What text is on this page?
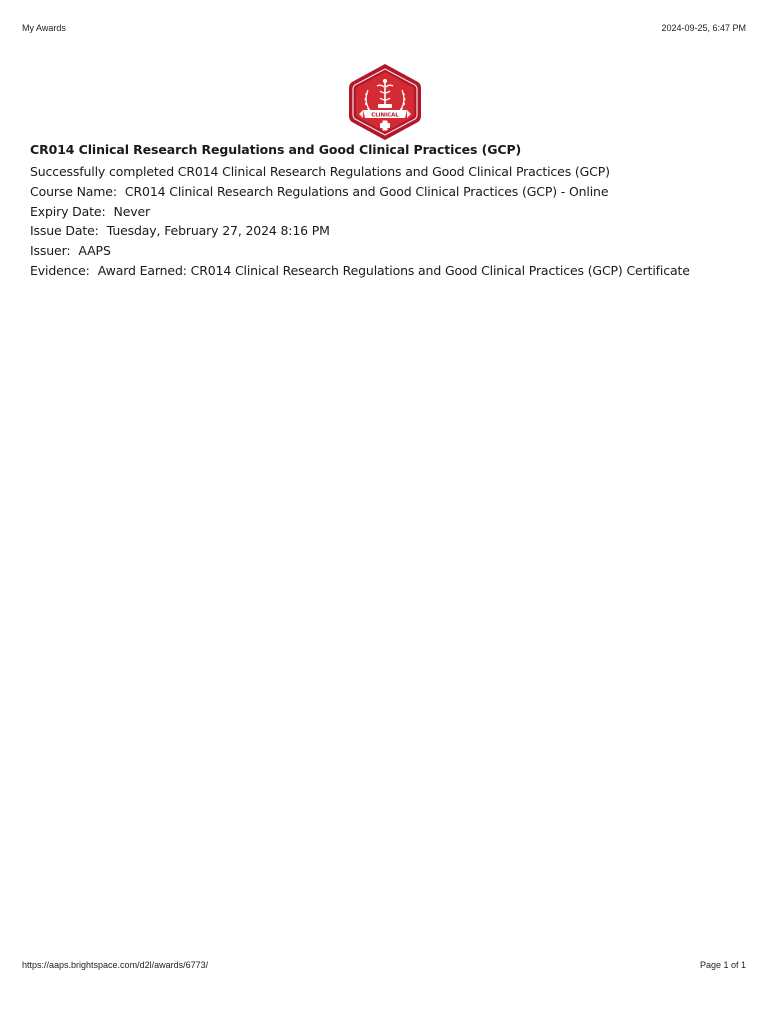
My Awards	2024-09-25, 6:47 PM
CLINICAL
CR014 Clinical Research Regulations and Good Clinical Practices (GCP)
Successfully completed CR014 Clinical Research Regulations and Good Clinical Practices (GCP)
Course Name: CR014 Clinical Research Regulations and Good Clinical Practices (GCP) - Online
Expiry Date: Never
Issue Date: Tuesday, February 27, 2024 8:16 PM
Issuer: AAPS
Evidence: Award Earned: CR014 Clinical Research Regulations and Good Clinical Practices (GCP) Certificate
https://aaps.brightspace.com/d2l/awards/6773/	Page 1 of 1
